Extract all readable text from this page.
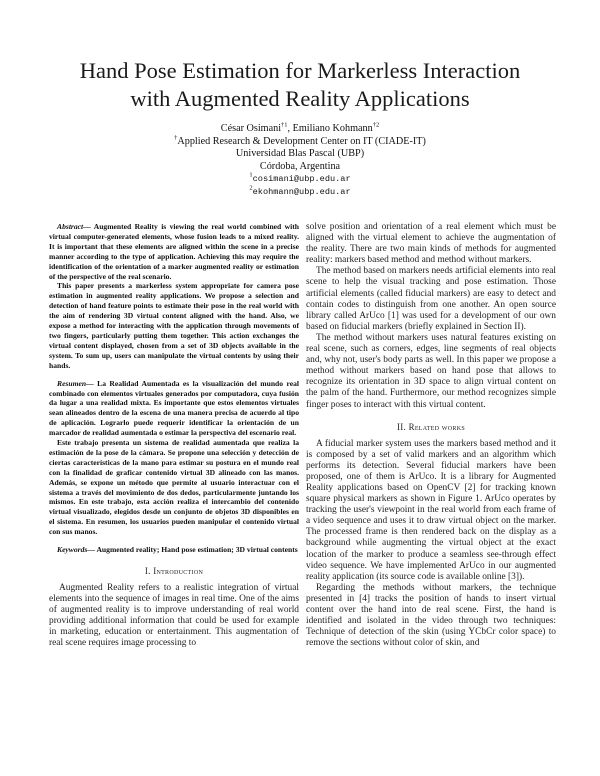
Hand Pose Estimation for Markerless Interaction
with Augmented Reality Applications
César Osimani$^{\dagger 1}$, Emiliano Kohmann$^{\dagger 2}$
†Applied Research & Development Center on IT (CIADE-IT)
Universidad Blas Pascal (UBP)
Córdoba, Argentina
$^1$cosimani@ubp.edu.ar
$^2$ekohmann@ubp.edu.ar

Abstract— Augmented Reality is viewing the real world combined with virtual computer-generated elements, whose fusion leads to a mixed reality. It is important that these elements are aligned within the scene in a precise manner according to the type of application. Achieving this may require the identification of the orientation of a marker augmented reality or estimation of the perspective of the real scenario.

This paper presents a markerless system appropriate for camera pose estimation in augmented reality applications. We propose a selection and detection of hand feature points to estimate their pose in the real world with the aim of rendering 3D virtual content aligned with the hand. Also, we expose a method for interacting with the application through movements of two fingers, particularly putting them together. This action exchanges the virtual content displayed, chosen from a set of 3D objects available in the system. To sum up, users can manipulate the virtual contents by using their hands.

Resumen— La Realidad Aumentada es la visualización del mundo real combinado con elementos virtuales generados por computadora, cuya fusión da lugar a una realidad mixta. Es importante que estos elementos virtuales sean alineados dentro de la escena de una manera precisa de acuerdo al tipo de aplicación. Lograrlo puede requerir identificar la orientación de un marcador de realidad aumentada o estimar la perspectiva del escenario real.

Este trabajo presenta un sistema de realidad aumentada que realiza la estimación de la pose de la cámara. Se propone una selección y detección de ciertas características de la mano para estimar su postura en el mundo real con la finalidad de graficar contenido virtual 3D alineado con las manos. Además, se expone un método que permite al usuario interactuar con el sistema a través del movimiento de dos dedos, particularmente juntando los mismos. En este trabajo, esta acción realiza el intercambio del contenido virtual visualizado, elegidos desde un conjunto de objetos 3D disponibles en el sistema. En resumen, los usuarios pueden manipular el contenido virtual con sus manos.

Keywords— Augmented reality; Hand pose estimation; 3D virtual contents

I. Introduction

Augmented Reality refers to a realistic integration of virtual elements into the sequence of images in real time. One of the aims of augmented reality is to improve understanding of real world providing additional information that could be used for example in marketing, education or entertainment. This augmentation of real scene requires image processing to

solve position and orientation of a real element which must be aligned with the virtual element to achieve the augmentation of the reality. There are two main kinds of methods for augmented reality: markers based method and method without markers.

The method based on markers needs artificial elements into real scene to help the visual tracking and pose estimation. Those artificial elements (called fiducial markers) are easy to detect and contain codes to distinguish from one another. An open source library called ArUco [1] was used for a development of our own based on fiducial markers (briefly explained in Section II).

The method without markers uses natural features existing on real scene, such as corners, edges, line segments of real objects and, why not, user's body parts as well. In this paper we propose a method without markers based on hand pose that allows to recognize its orientation in 3D space to align virtual content on the palm of the hand. Furthermore, our method recognizes simple finger poses to interact with this virtual content.

II. Related works

A fiducial marker system uses the markers based method and it is composed by a set of valid markers and an algorithm which performs its detection. Several fiducial markers have been proposed, one of them is ArUco. It is a library for Augmented Reality applications based on OpenCV [2] for tracking known square physical markers as shown in Figure 1. ArUco operates by tracking the user's viewpoint in the real world from each frame of a video sequence and uses it to draw virtual object on the marker. The processed frame is then rendered back on the display as a background while augmenting the virtual object at the exact location of the marker to produce a seamless see-through effect video sequence. We have implemented ArUco in our augmented reality application (its source code is available online [3]).

Regarding the methods without markers, the technique presented in [4] tracks the position of hands to insert virtual content over the hand into de real scene. First, the hand is identified and isolated in the video through two techniques: Technique of detection of the skin (using YCbCr color space) to remove the sections without color of skin, and
